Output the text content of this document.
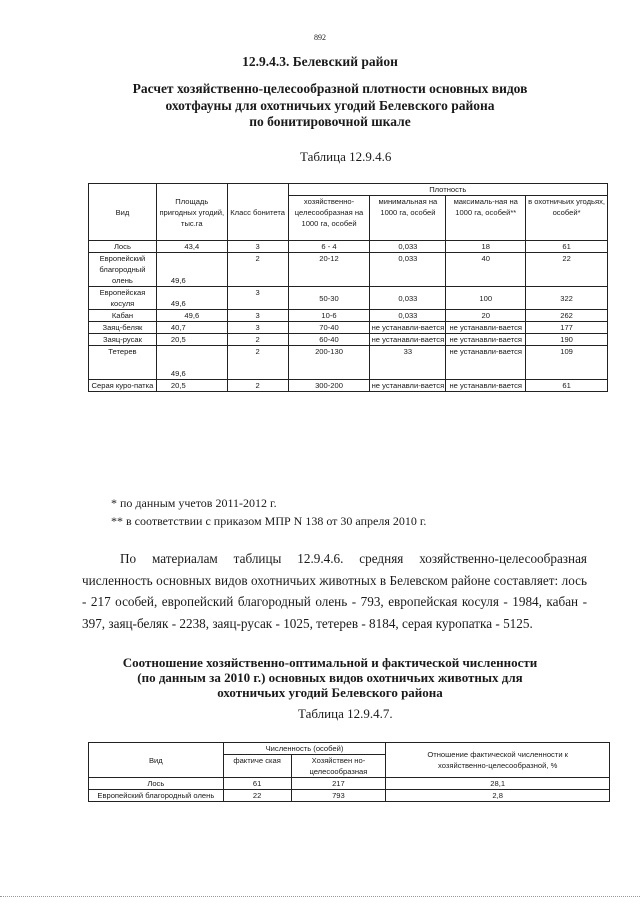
892
12.9.4.3. Белевский район
Расчет хозяйственно-целесообразной плотности основных видов
охотфауны для охотничьих угодий Белевского района
по бонитировочной шкале
Таблица 12.9.4.6
Вид	Площадь пригодных угодий, тыс.га	Класс бонитета	Плотность			
			хозяйственно-целесообразная на 1000 га, особей	минимальная на 1000 га, особей	максималь-ная на 1000 га, особей**	в охотничьих угодьях, особей*
Лось	43,4	3	6 - 4	0,033	18	61
Европейский благородный олень	49,6	2	20-12	0,033	40	22
Европейская косуля	49,6	3	50-30	0,033	100	322
Кабан	49,6	3	10-6	0,033	20	262
Заяц-беляк	40,7	3	70-40	не устанавли-вается	не устанавли-вается	177
Заяц-русак	20,5	2	60-40	не устанавли-вается	не устанавли-вается	190
Тетерев	49,6	2	200-130	33	не устанавли-вается	109
Серая куро-патка	20,5	2	300-200	не устанавли-вается	не устанавли-вается	61
* по данным учетов 2011-2012 г.
** в соответствии с приказом МПР N 138 от 30 апреля 2010 г.

По материалам таблицы 12.9.4.6. средняя хозяйственно-целесообразная численность основных видов охотничьих животных в Белевском районе составляет: лось - 217 особей, европейский благородный олень - 793, европейская косуля - 1984, кабан - 397, заяц-беляк - 2238, заяц-русак - 1025, тетерев - 8184, серая куропатка - 5125.

Соотношение хозяйственно-оптимальной и фактической численности
(по данным за 2010 г.) основных видов охотничьих животных для
охотничьих угодий Белевского района
Таблица 12.9.4.7.
Вид	Численность (особей)		Отношение фактической численности к хозяйственно-целесообразной, %
	фактиче ская	Хозяйствен но-целесообразная	
Лось	61	217	28,1
Европейский благородный олень	22	793	2,8
